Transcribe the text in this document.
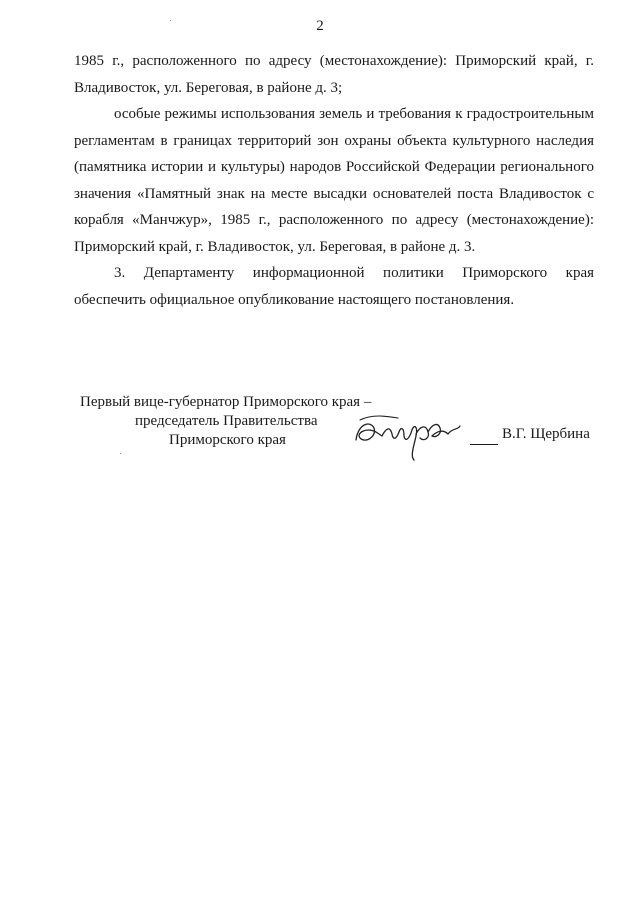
2

1985 г., расположенного по адресу (местонахождение): Приморский край, г. Владивосток, ул. Береговая, в районе д. 3;

особые режимы использования земель и требования к градостроительным регламентам в границах территорий зон охраны объекта культурного наследия (памятника истории и культуры) народов Российской Федерации регионального значения «Памятный знак на месте высадки основателей поста Владивосток с корабля «Манчжур», 1985 г., расположенного по адресу (местонахождение): Приморский край, г. Владивосток, ул. Береговая, в районе д. 3.

3. Департаменту информационной политики Приморского края обеспечить официальное опубликование настоящего постановления.

Первый вице-губернатор Приморского края –
председатель Правительства
Приморского края	В.Г. Щербина
